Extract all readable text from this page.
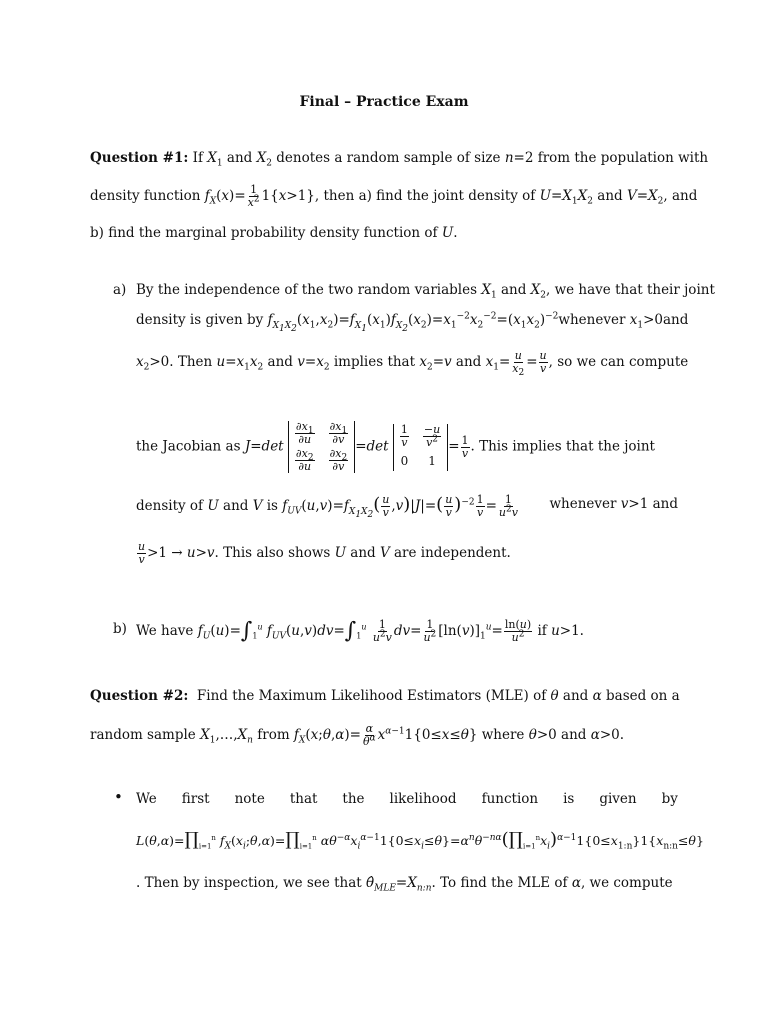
Final – Practice Exam
Question #1: If $X_1$ and $X_2$ denotes a random sample of size n=2 from the population with
density function $f_X(x)= \frac{1}{x^2} 1\{x>1\}$, then a) find the joint density of $U=X_1X_2$ and $V=X_2$, and
b) find the marginal probability density function of U.
a) By the independence of the two random variables $X_1$ and $X_2$, we have that their joint
density is given by $f_{X_1X_2}(x_1,x_2)=f_{X_1}(x_1)f_{X_2}(x_2)=x_1^{-2}x_2^{-2}=(x_1x_2)^{-2}$ whenever $x_1>0$ and
$x_2>0$. Then $u=x_1x_2$ and $v=x_2$ implies that $x_2=v$ and $x_1= \frac{u}{x_2} = \frac{u}{v}$ , so we can compute
the Jacobian as J=det
$\frac{\partial x_1}{\partial u} \frac{\partial x_1}{\partial v}$
$\frac{\partial x_2}{\partial u} \frac{\partial x_2}{\partial v}$
$=\det \frac{1}{v} \frac{-u}{v^2}$
0	1
= $\frac{1}{v}$ . This implies that the joint
density of U and V is $f_{UV}(u,v)=f_{X_1X_2}( \frac{u}{v} ,v)|J|=( \frac{u}{v} )^{-2} \frac{1}{v} = \frac{1}{u^2v}$ whenever v>1 and
$\frac{u}{v} >1 \to u>v$. This also shows U and V are independent.
b) We have $f_U(u)=\int_1^u$ $f_{UV}(u,v)dv=\int_1^u \frac{1}{u^2v} dv= \frac{1}{u^2} [\ln(v)]_1^u= \frac{\ln(u)}{u^2}$ if u>1.
Question #2:  Find the Maximum Likelihood Estimators (MLE) of θ and α based on a
random sample $X_1,\dots,X_n$ from $f_X(x;\theta,\alpha)= \frac{\alpha}{\theta^\alpha} x^{\alpha-1}1\{0\le x\le\theta\}$ where θ>0 and α>0.
• We first note that the likelihood function is given by
$L(\theta,\alpha)=\prod_{i=1}^n$ $f_X(x_i;\theta,\alpha)=\prod_{i=1}^n$ $\alpha\theta^{-\alpha}x_i^{\alpha-1}1\{0\le x_i\le\theta\}=\alpha^n\theta^{-n\alpha}(\prod_{i=1}^nx_i)^{\alpha-1}1\{0\le x_{1:n}\}1\{x_{n:n}\le\theta\}$
. Then by inspection, we see that $\thetâ_{MLE}=X_{n:n}$. To find the MLE of α, we compute
